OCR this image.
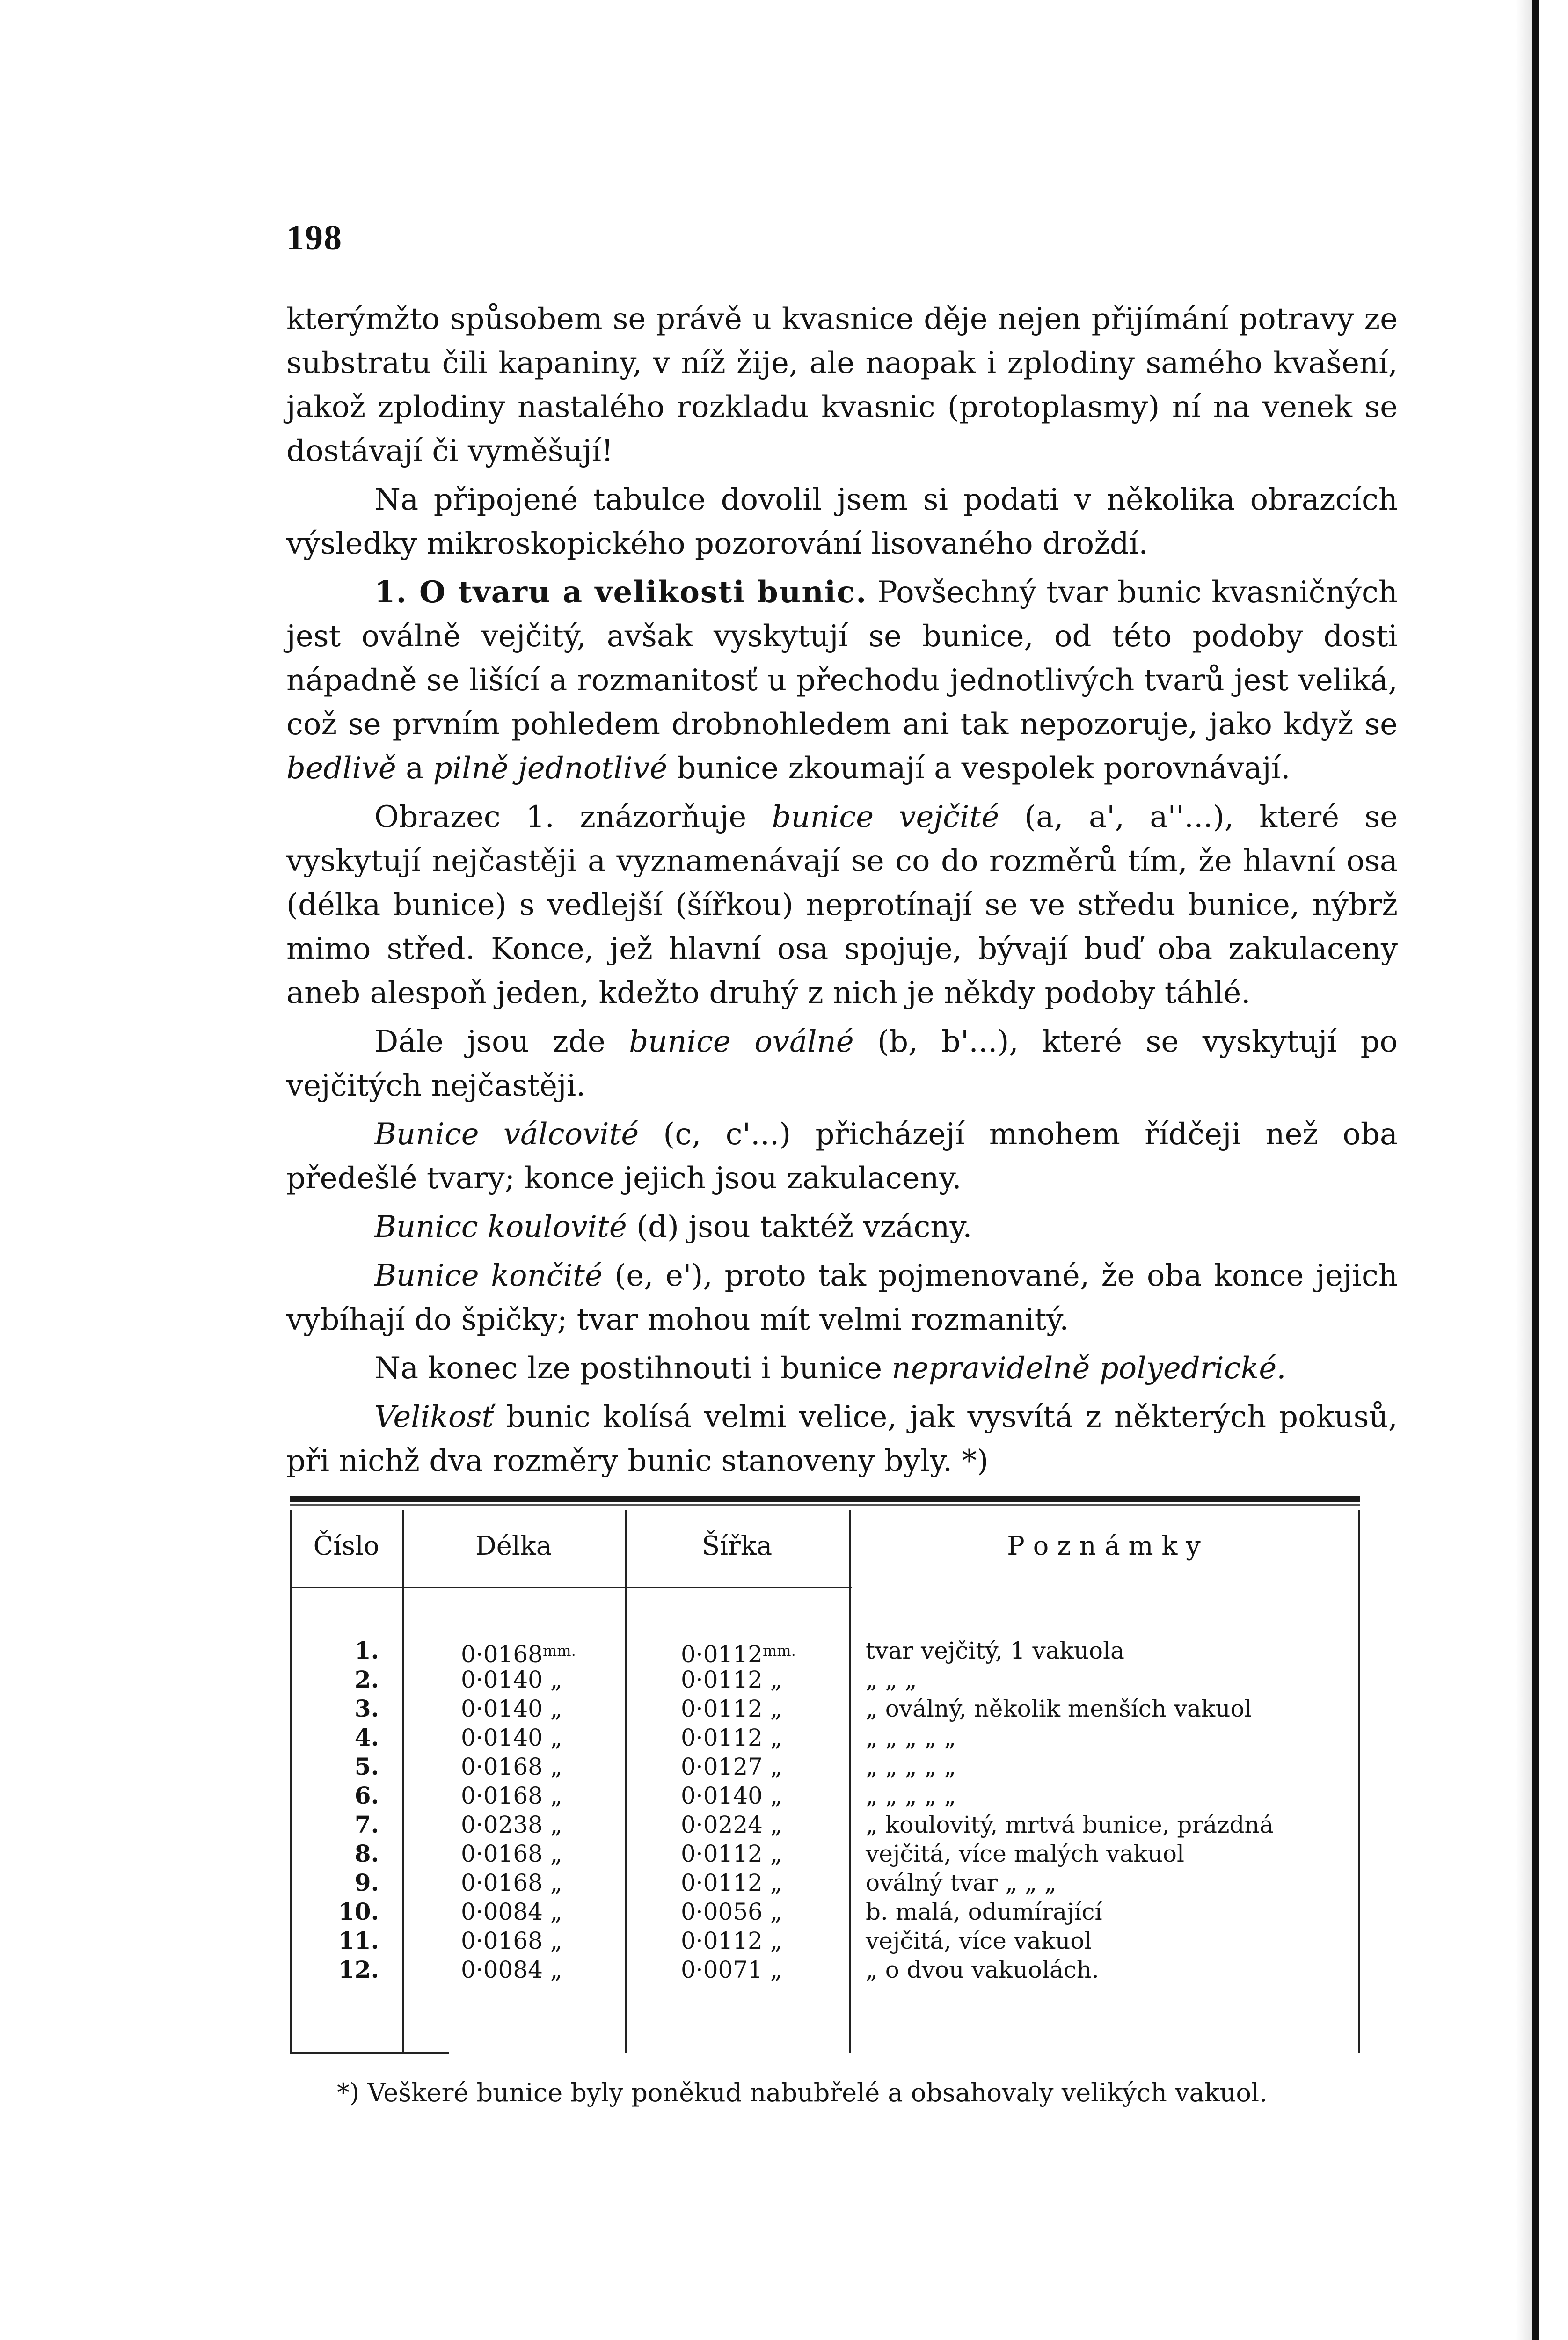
198

kterýmžto spůsobem se právě u kvasnice děje nejen přijímání potravy ze substratu čili kapaniny, v níž žije, ale naopak i zplodiny samého kvašení, jakož zplodiny nastalého rozkladu kvasnic (protoplasmy) ní na venek se dostávají či vyměšují!

Na připojené tabulce dovolil jsem si podati v několika obrazcích výsledky mikroskopického pozorování lisovaného droždí.

1. O tvaru a velikosti bunic. Povšechný tvar bunic kvasničných jest oválně vejčitý, avšak vyskytují se bunice, od této podoby dosti nápadně se lišící a rozmanitosť u přechodu jednotlivých tvarů jest veliká, což se prvním pohledem drobnohledem ani tak nepozoruje, jako když se bedlivě a pilně jednotlivé bunice zkoumají a vespolek porovnávají.

Obrazec 1. znázorňuje bunice vejčité (a, a', a''...), které se vyskytují nejčastěji a vyznamenávají se co do rozměrů tím, že hlavní osa (délka bunice) s vedlejší (šířkou) neprotínají se ve středu bunice, nýbrž mimo střed. Konce, jež hlavní osa spojuje, bývají buď oba zakulaceny aneb alespoň jeden, kdežto druhý z nich je někdy podoby táhlé.

Dále jsou zde bunice oválné (b, b'...), které se vyskytují po vejčitých nejčastěji.

Bunice válcovité (c, c'...) přicházejí mnohem řídčeji než oba předešlé tvary; konce jejich jsou zakulaceny.

Bunicc koulovité (d) jsou taktéž vzácny.

Bunice končité (e, e'), proto tak pojmenované, že oba konce jejich vybíhají do špičky; tvar mohou mít velmi rozmanitý.

Na konec lze postihnouti i bunice nepravidelně polyedrické.

Velikosť bunic kolísá velmi velice, jak vysvítá z některých pokusů, při nichž dva rozměry bunic stanoveny byly. *)

Číslo	Délka	Šířka	P o z n á m k y
1.	$0\cdot 0168^{mm.}$	$0\cdot 0112^{mm.}$	tvar vejčitý, 1 vakuola
2.	0·0140 „	0·0112 „	„ „ „
3.	0·0140 „	0·0112 „	„ oválný, několik menších vakuol
4.	0·0140 „	0·0112 „	„ „ „ „ „
5.	0·0168 „	0·0127 „	„ „ „ „ „
6.	0·0168 „	0·0140 „	„ „ „ „ „
7.	0·0238 „	0·0224 „	„ koulovitý, mrtvá bunice, prázdná
8.	0·0168 „	0·0112 „	vejčitá, více malých vakuol
9.	0·0168 „	0·0112 „	oválný tvar „ „ „
10.	0·0084 „	0·0056 „	b. malá, odumírající
11.	0·0168 „	0·0112 „	vejčitá, více vakuol
12.	0·0084 „	0·0071 „	„ o dvou vakuolách.
*) Veškeré bunice byly poněkud nabubřelé a obsahovaly velikých vakuol.
